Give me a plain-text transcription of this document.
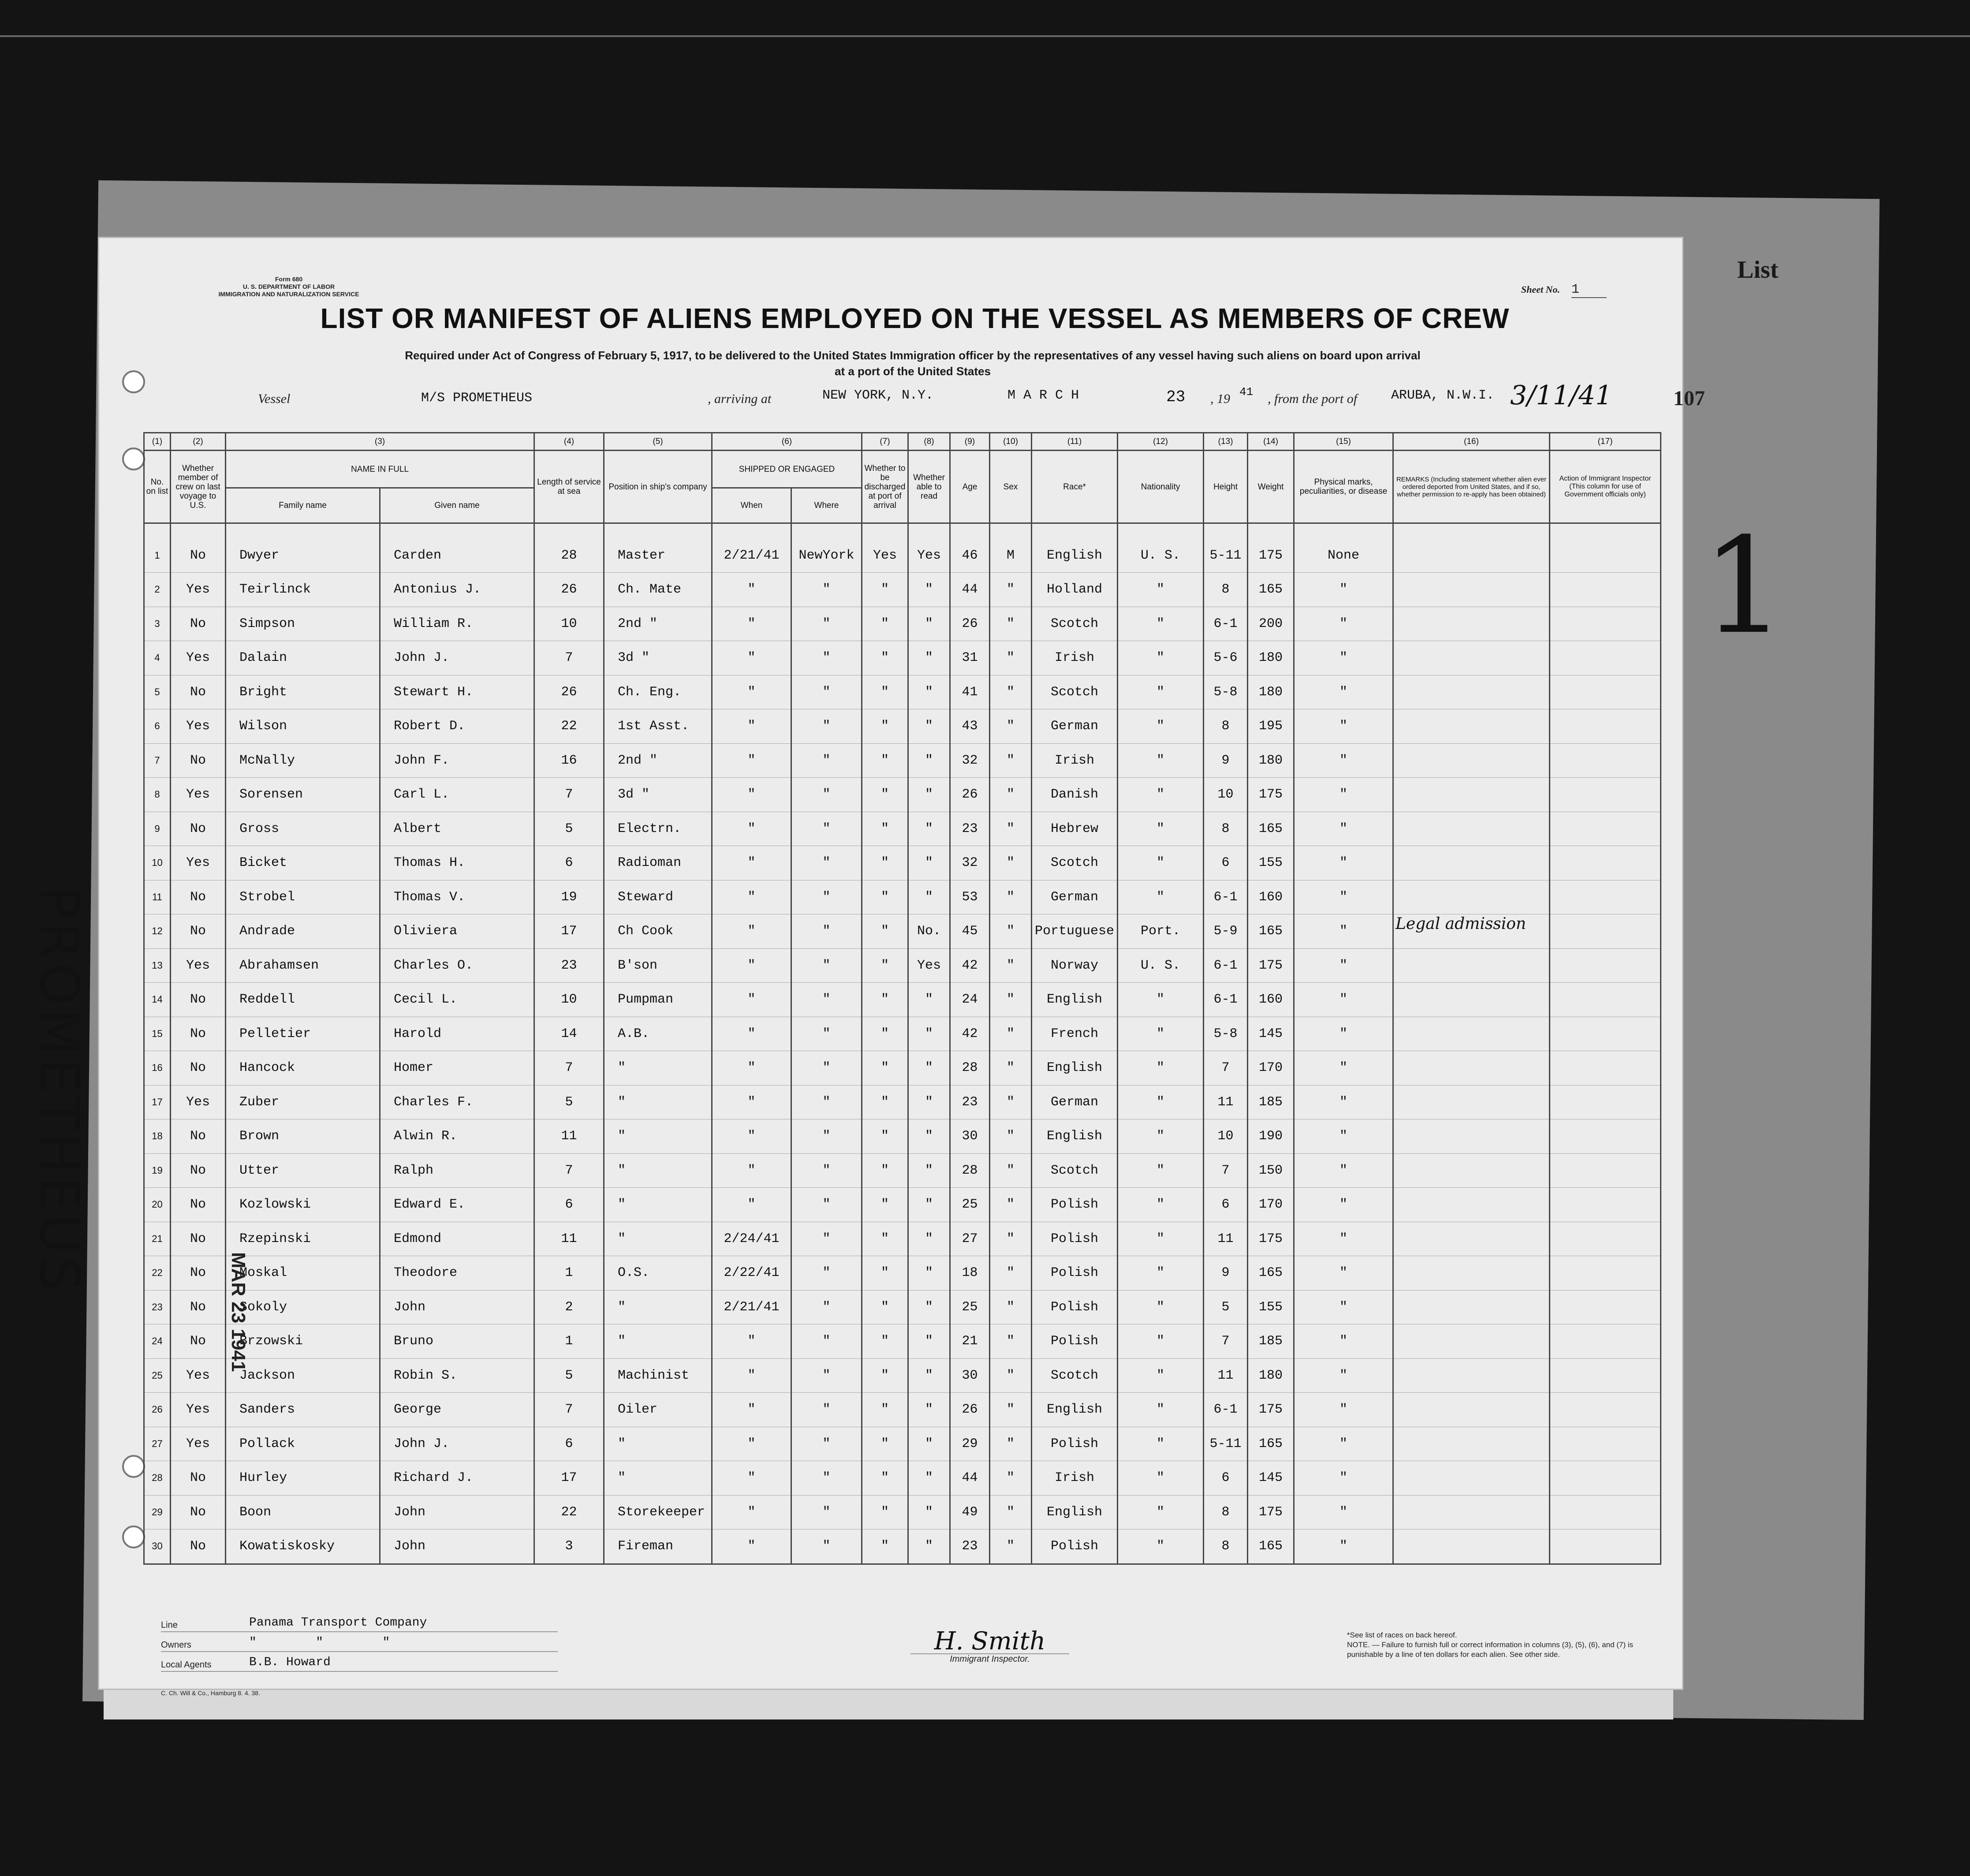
List
1
Form 680
U. S. DEPARTMENT OF LABOR
IMMIGRATION AND NATURALIZATION SERVICE	Sheet No. 1
LIST OR MANIFEST OF ALIENS EMPLOYED ON THE VESSEL AS MEMBERS OF CREW
Required under Act of Congress of February 5, 1917, to be delivered to the United States Immigration officer by the representatives of any vessel having such aliens on board upon arrival
at a port of the United States
Vessel	M/S PROMETHEUS	, arriving at	NEW YORK, N.Y.	M A R C H	23 , 19 41 , from the port of	ARUBA, N.W.I. 3/11/41	107
(1)	(2)	(3)		(4)	(5)	(6)		(7)	(8)	(9)	(10)	(11)	(12)	(13)	(14)	(15)	(16)	(17)
No. on list	Whether member of crew on last voyage to U.S.	NAME IN FULL		Length of service at sea	Position in ship's company	SHIPPED OR ENGAGED		Whether to be discharged at port of arrival	Whether able to read	Age	Sex	Race*	Nationality	Height	Weight	Physical marks, peculiarities, or disease	REMARKS (Including statement whether alien ever ordered deported from United States, and if so, whether permission to re-apply has been obtained)	Action of Immigrant Inspector (This column for use of Government officials only)
		Family name	Given name			When	Where											

1	No	Dwyer	Carden	28	Master	2/21/41	NewYork	Yes	Yes	46	M	English	U. S.	5-11	175	None		
2	Yes	Teirlinck	Antonius J.	26	Ch. Mate	"	"	"	"	44	"	Holland	"	8	165	"		
3	No	Simpson	William R.	10	2nd "	"	"	"	"	26	"	Scotch	"	6-1	200	"		
4	Yes	Dalain	John J.	7	3d "	"	"	"	"	31	"	Irish	"	5-6	180	"		
5	No	Bright	Stewart H.	26	Ch. Eng.	"	"	"	"	41	"	Scotch	"	5-8	180	"		
6	Yes	Wilson	Robert D.	22	1st Asst.	"	"	"	"	43	"	German	"	8	195	"		
7	No	McNally	John F.	16	2nd "	"	"	"	"	32	"	Irish	"	9	180	"		
8	Yes	Sorensen	Carl L.	7	3d "	"	"	"	"	26	"	Danish	"	10	175	"		
9	No	Gross	Albert	5	Electrn.	"	"	"	"	23	"	Hebrew	"	8	165	"		
10	Yes	Bicket	Thomas H.	6	Radioman	"	"	"	"	32	"	Scotch	"	6	155	"		
11	No	Strobel	Thomas V.	19	Steward	"	"	"	"	53	"	German	"	6-1	160	"		
12	No	Andrade	Oliviera	17	Ch Cook	"	"	"	No.	45	"	Portuguese	Port.	5-9	165	"		
13	Yes	Abrahamsen	Charles O.	23	B'son	"	"	"	Yes	42	"	Norway	U. S.	6-1	175	"		
14	No	Reddell	Cecil L.	10	Pumpman	"	"	"	"	24	"	English	"	6-1	160	"		
15	No	Pelletier	Harold	14	A.B.	"	"	"	"	42	"	French	"	5-8	145	"		
16	No	Hancock	Homer	7	"	"	"	"	"	28	"	English	"	7	170	"		
17	Yes	Zuber	Charles F.	5	"	"	"	"	"	23	"	German	"	11	185	"		
18	No	Brown	Alwin R.	11	"	"	"	"	"	30	"	English	"	10	190	"		
19	No	Utter	Ralph	7	"	"	"	"	"	28	"	Scotch	"	7	150	"		
20	No	Kozlowski	Edward E.	6	"	"	"	"	"	25	"	Polish	"	6	170	"		
21	No	Rzepinski	Edmond	11	"	2/24/41	"	"	"	27	"	Polish	"	11	175	"		
22	No	Moskal	Theodore	1	O.S.	2/22/41	"	"	"	18	"	Polish	"	9	165	"		
23	No	Sokoly	John	2	"	2/21/41	"	"	"	25	"	Polish	"	5	155	"		
24	No	Brzowski	Bruno	1	"	"	"	"	"	21	"	Polish	"	7	185	"		
25	Yes	Jackson	Robin S.	5	Machinist	"	"	"	"	30	"	Scotch	"	11	180	"		
26	Yes	Sanders	George	7	Oiler	"	"	"	"	26	"	English	"	6-1	175	"		
27	Yes	Pollack	John J.	6	"	"	"	"	"	29	"	Polish	"	5-11	165	"		
28	No	Hurley	Richard J.	17	"	"	"	"	"	44	"	Irish	"	6	145	"		
29	No	Boon	John	22	Storekeeper	"	"	"	"	49	"	English	"	8	175	"		
30	No	Kowatiskosky	John	3	Fireman	"	"	"	"	23	"	Polish	"	8	165	"		
Legal admission
PROMETHEUS
MAR 23 1941
Line	Panama Transport Company
Owners	"        "        "
Local Agents	B.B. Howard
H. Smith
Immigrant Inspector.
*See list of races on back hereof.
NOTE. — Failure to furnish full or correct information in columns (3), (5), (6), and (7) is punishable by a line of ten dollars for each alien. See other side.
C. Ch. Will & Co., Hamburg 8. 4. 38.
